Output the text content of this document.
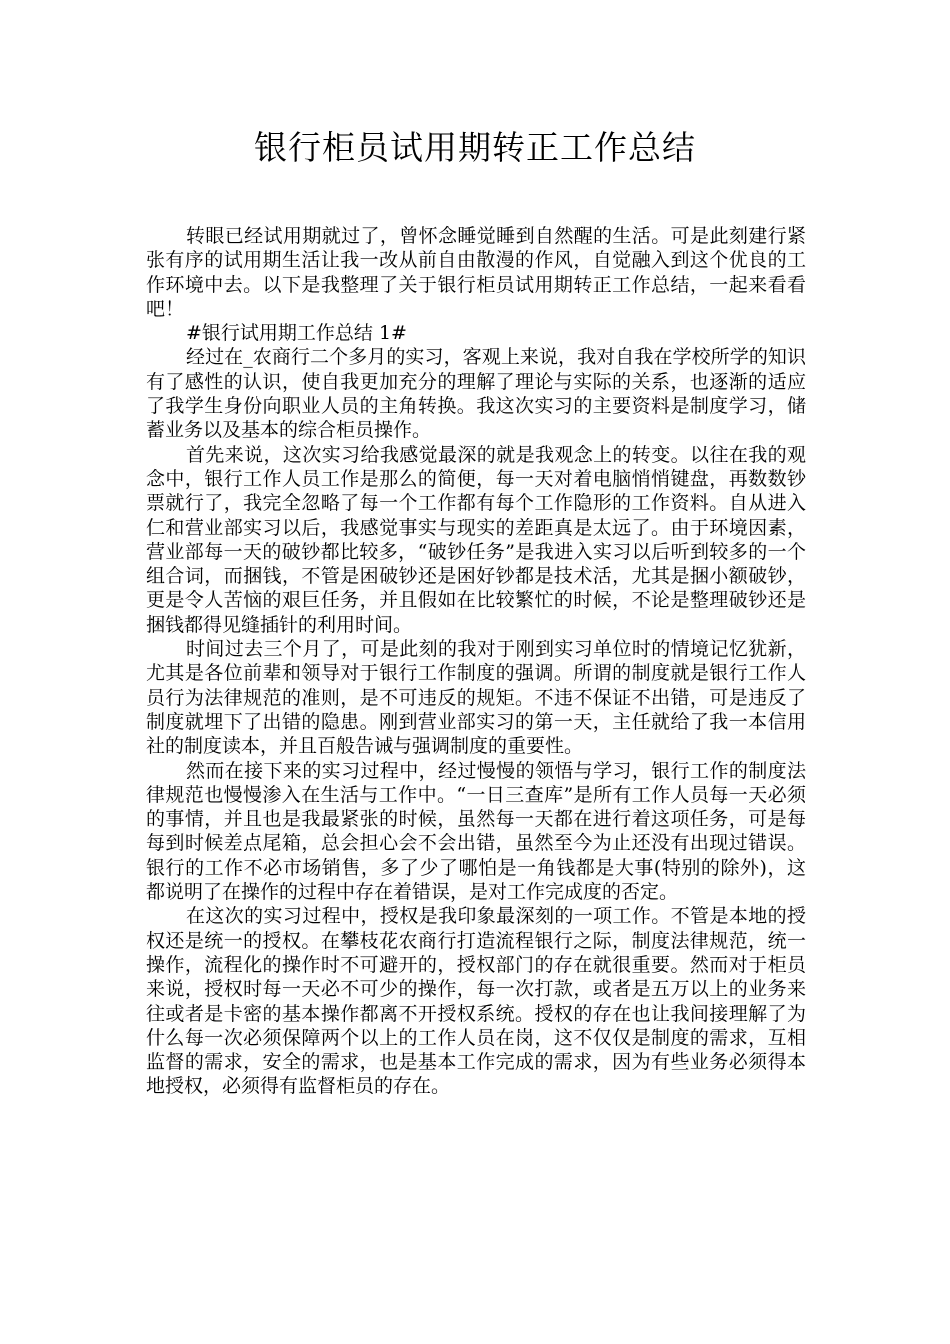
银行柜员试用期转正工作总结

转眼已经试用期就过了，曾怀念睡觉睡到自然醒的生活。可是此刻建行紧张有序的试用期生活让我一改从前自由散漫的作风，自觉融入到这个优良的工作环境中去。以下是我整理了关于银行柜员试用期转正工作总结，一起来看看吧！

#银行试用期工作总结 1#

经过在_农商行二个多月的实习，客观上来说，我对自我在学校所学的知识有了感性的认识，使自我更加充分的理解了理论与实际的关系，也逐渐的适应了我学生身份向职业人员的主角转换。我这次实习的主要资料是制度学习，储蓄业务以及基本的综合柜员操作。

首先来说，这次实习给我感觉最深的就是我观念上的转变。以往在我的观念中，银行工作人员工作是那么的简便，每一天对着电脑悄悄键盘，再数数钞票就行了，我完全忽略了每一个工作都有每个工作隐形的工作资料。自从进入仁和营业部实习以后，我感觉事实与现实的差距真是太远了。由于环境因素，营业部每一天的破钞都比较多，“破钞任务”是我进入实习以后听到较多的一个组合词，而捆钱，不管是困破钞还是困好钞都是技术活，尤其是捆小额破钞，更是令人苦恼的艰巨任务，并且假如在比较繁忙的时候，不论是整理破钞还是捆钱都得见缝插针的利用时间。

时间过去三个月了，可是此刻的我对于刚到实习单位时的情境记忆犹新，尤其是各位前辈和领导对于银行工作制度的强调。所谓的制度就是银行工作人员行为法律规范的准则，是不可违反的规矩。不违不保证不出错，可是违反了制度就埋下了出错的隐患。刚到营业部实习的第一天，主任就给了我一本信用社的制度读本，并且百般告诫与强调制度的重要性。

然而在接下来的实习过程中，经过慢慢的领悟与学习，银行工作的制度法律规范也慢慢渗入在生活与工作中。“一日三查库”是所有工作人员每一天必须的事情，并且也是我最紧张的时候，虽然每一天都在进行着这项任务，可是每每到时候差点尾箱，总会担心会不会出错，虽然至今为止还没有出现过错误。银行的工作不必市场销售，多了少了哪怕是一角钱都是大事(特别的除外)，这都说明了在操作的过程中存在着错误，是对工作完成度的否定。

在这次的实习过程中，授权是我印象最深刻的一项工作。不管是本地的授权还是统一的授权。在攀枝花农商行打造流程银行之际，制度法律规范，统一操作，流程化的操作时不可避开的，授权部门的存在就很重要。然而对于柜员来说，授权时每一天必不可少的操作，每一次打款，或者是五万以上的业务来往或者是卡密的基本操作都离不开授权系统。授权的存在也让我间接理解了为什么每一次必须保障两个以上的工作人员在岗，这不仅仅是制度的需求，互相监督的需求，安全的需求，也是基本工作完成的需求，因为有些业务必须得本地授权，必须得有监督柜员的存在。
